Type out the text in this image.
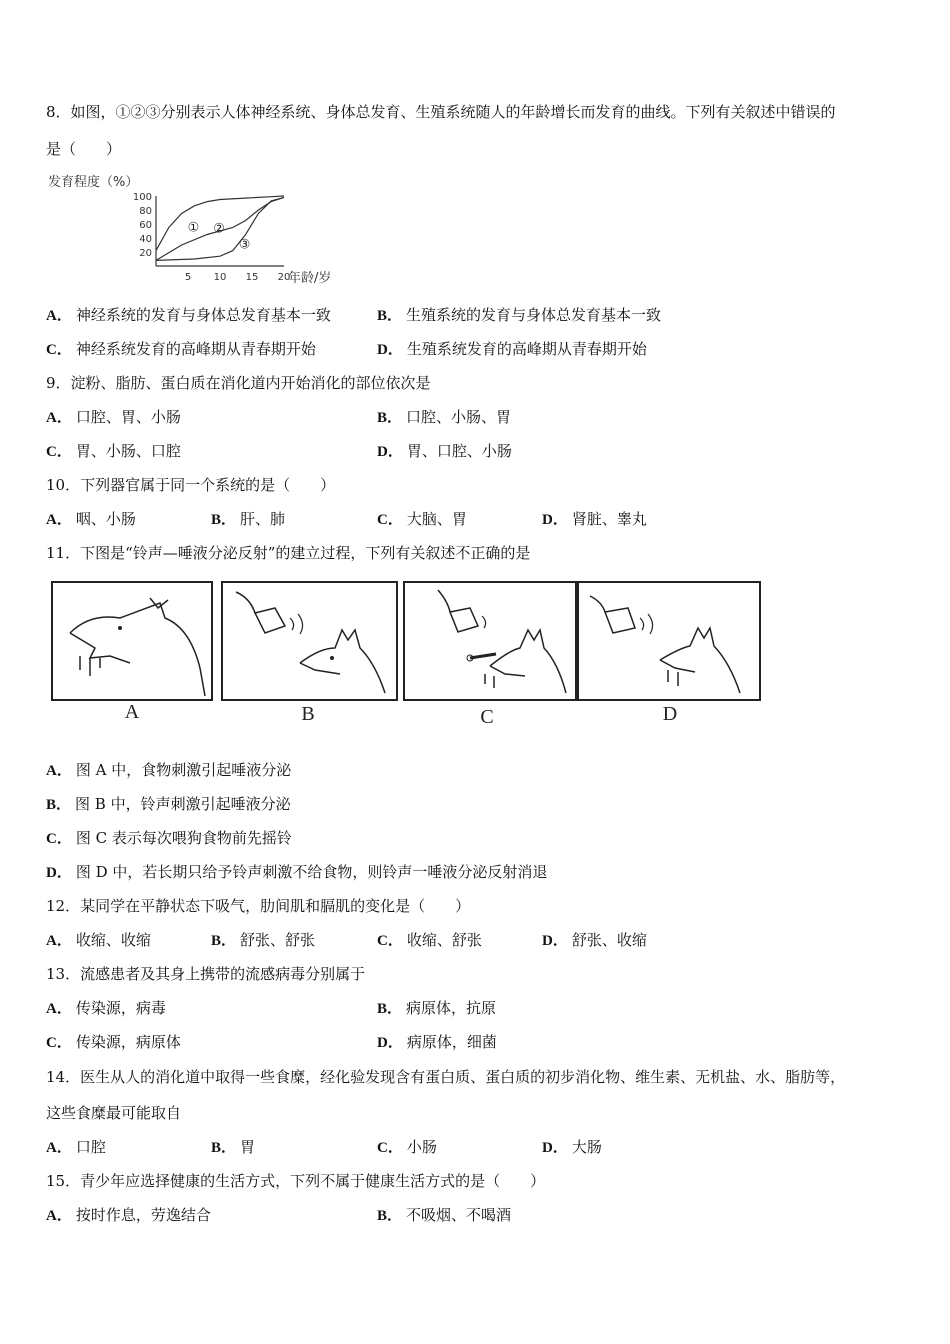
8．如图，①②③分别表示人体神经系统、身体总发育、生殖系统随人的年龄增长而发育的曲线。下列有关叙述中错误的
是（　　）
发育程度（%）
100
80
60
40
20
5 10 15 20
① ②
③
年龄/岁
A． 神经系统的发育与身体总发育基本一致	B． 生殖系统的发育与身体总发育基本一致
C． 神经系统发育的高峰期从青春期开始	D． 生殖系统发育的高峰期从青春期开始
9．淀粉、脂肪、蛋白质在消化道内开始消化的部位依次是
A． 口腔、胃、小肠	B． 口腔、小肠、胃
C． 胃、小肠、口腔	D． 胃、口腔、小肠
10．下列器官属于同一个系统的是（　　）
A． 咽、小肠	B． 肝、肺	C． 大脑、胃	D． 肾脏、睾丸
11．下图是“铃声—唾液分泌反射”的建立过程，下列有关叙述不正确的是
A	B	C	D
A． 图 A 中，食物刺激引起唾液分泌
B． 图 B 中，铃声刺激引起唾液分泌
C． 图 C 表示每次喂狗食物前先摇铃
D． 图 D 中，若长期只给予铃声刺激不给食物，则铃声一唾液分泌反射消退
12．某同学在平静状态下吸气，肋间肌和膈肌的变化是（　　）
A． 收缩、收缩	B． 舒张、舒张	C． 收缩、舒张	D． 舒张、收缩
13．流感患者及其身上携带的流感病毒分别属于
A． 传染源，病毒	B． 病原体，抗原
C． 传染源，病原体	D． 病原体，细菌
14．医生从人的消化道中取得一些食糜，经化验发现含有蛋白质、蛋白质的初步消化物、维生素、无机盐、水、脂肪等，
这些食糜最可能取自
A． 口腔	B． 胃	C． 小肠	D． 大肠
15．青少年应选择健康的生活方式，下列不属于健康生活方式的是（　　）
A． 按时作息，劳逸结合	B． 不吸烟、不喝酒
